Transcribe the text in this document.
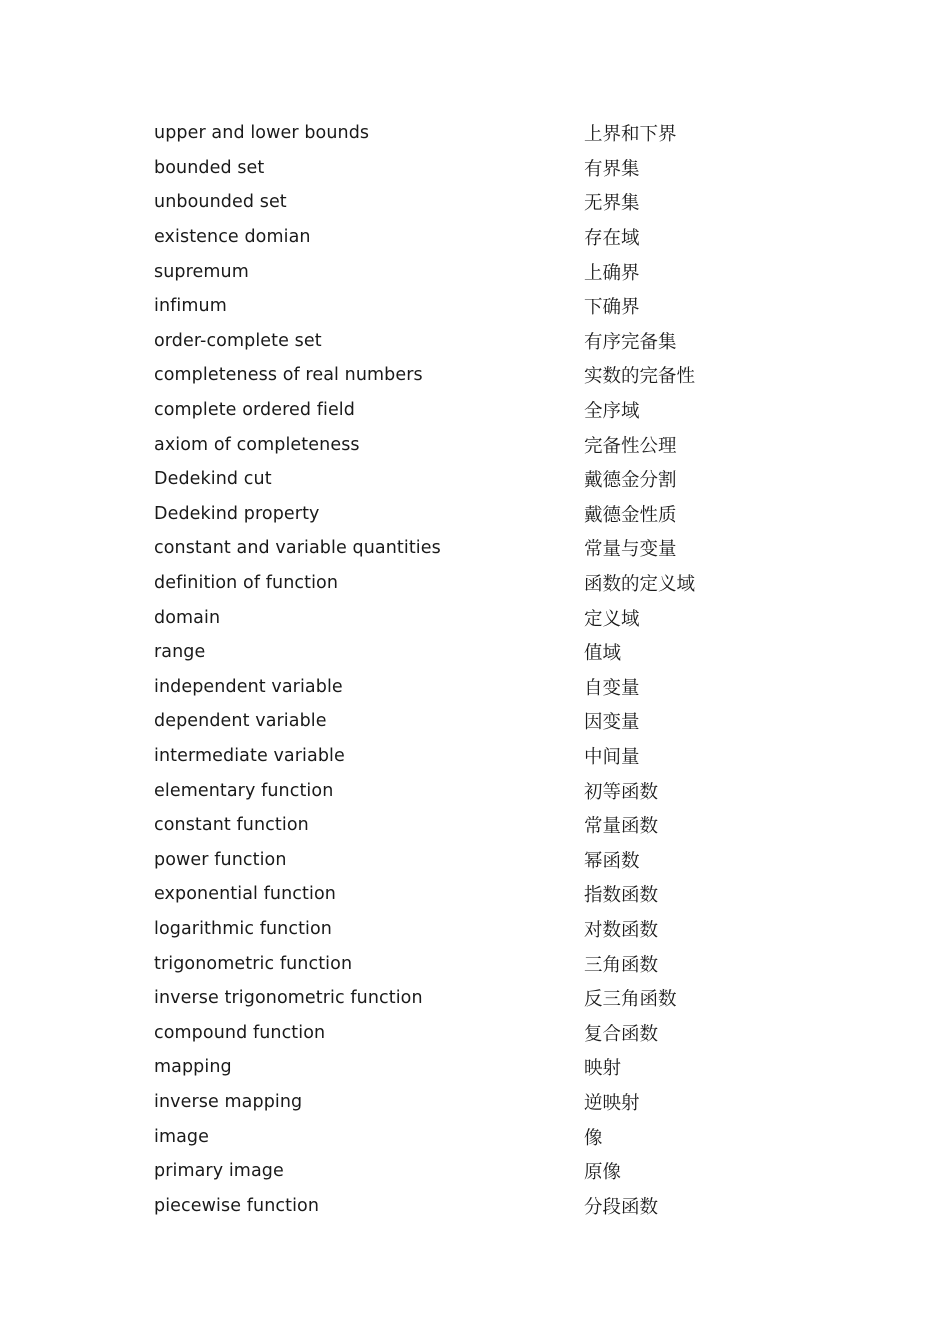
upper and lower bounds	上界和下界
bounded set	有界集
unbounded set	无界集
existence domian	存在域
supremum	上确界
infimum	下确界
order-complete set	有序完备集
completeness of real numbers	实数的完备性
complete ordered field	全序域
axiom of completeness	完备性公理
Dedekind cut	戴德金分割
Dedekind property	戴德金性质
constant and variable quantities	常量与变量
definition of function	函数的定义域
domain	定义域
range	值域
independent variable	自变量
dependent variable	因变量
intermediate variable	中间量
elementary function	初等函数
constant function	常量函数
power function	幂函数
exponential function	指数函数
logarithmic function	对数函数
trigonometric function	三角函数
inverse trigonometric function	反三角函数
compound function	复合函数
mapping	映射
inverse mapping	逆映射
image	像
primary image	原像
piecewise function	分段函数
